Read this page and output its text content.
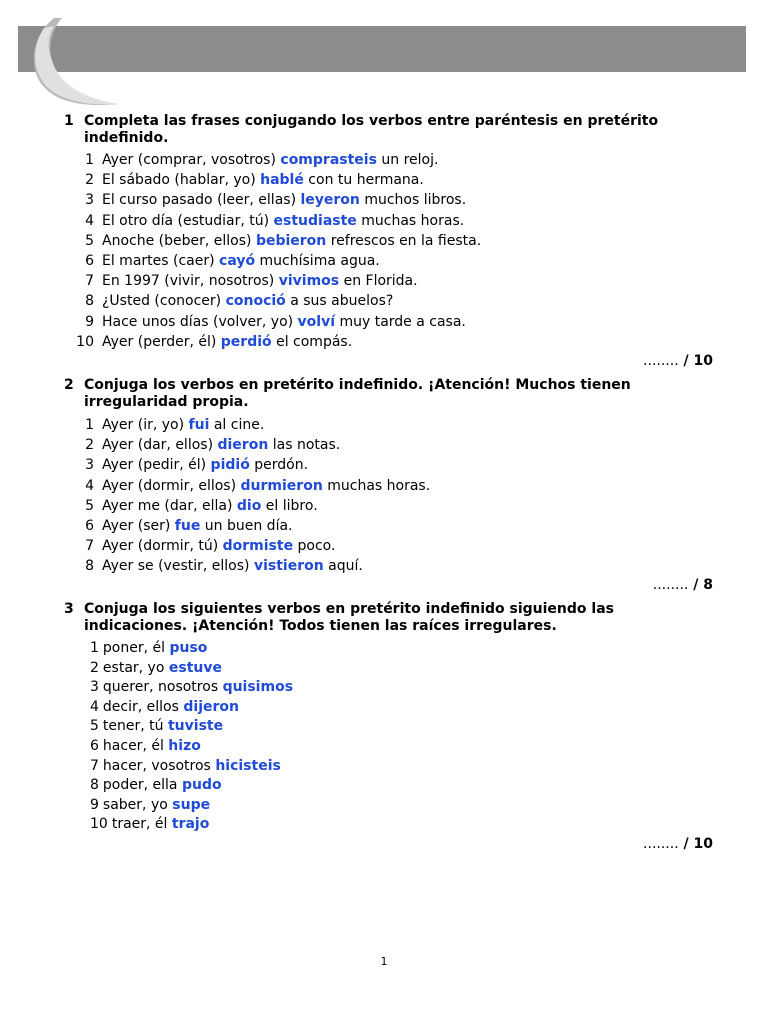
1 Completa las frases conjugando los verbos entre paréntesis en pretérito indefinido.
1 Ayer (comprar, vosotros) comprasteis un reloj.
2 El sábado (hablar, yo) hablé con tu hermana.
3 El curso pasado (leer, ellas) leyeron muchos libros.
4 El otro día (estudiar, tú) estudiaste muchas horas.
5 Anoche (beber, ellos) bebieron refrescos en la fiesta.
6 El martes (caer) cayó muchísima agua.
7 En 1997 (vivir, nosotros) vivimos en Florida.
8 ¿Usted (conocer) conoció a sus abuelos?
9 Hace unos días (volver, yo) volví muy tarde a casa.
10 Ayer (perder, él) perdió el compás.
........ / 10
2 Conjuga los verbos en pretérito indefinido. ¡Atención! Muchos tienen irregularidad propia.
1 Ayer (ir, yo) fui al cine.
2 Ayer (dar, ellos) dieron las notas.
3 Ayer (pedir, él) pidió perdón.
4 Ayer (dormir, ellos) durmieron muchas horas.
5 Ayer me (dar, ella) dio el libro.
6 Ayer (ser) fue un buen día.
7 Ayer (dormir, tú) dormiste poco.
8 Ayer se (vestir, ellos) vistieron aquí.
........ / 8
3 Conjuga los siguientes verbos en pretérito indefinido siguiendo las indicaciones. ¡Atención! Todos tienen las raíces irregulares.
1 poner, él puso
2 estar, yo estuve
3 querer, nosotros quisimos
4 decir, ellos dijeron
5 tener, tú tuviste
6 hacer, él hizo
7 hacer, vosotros hicisteis
8 poder, ella pudo
9 saber, yo supe
10 traer, él trajo
........ / 10
1
